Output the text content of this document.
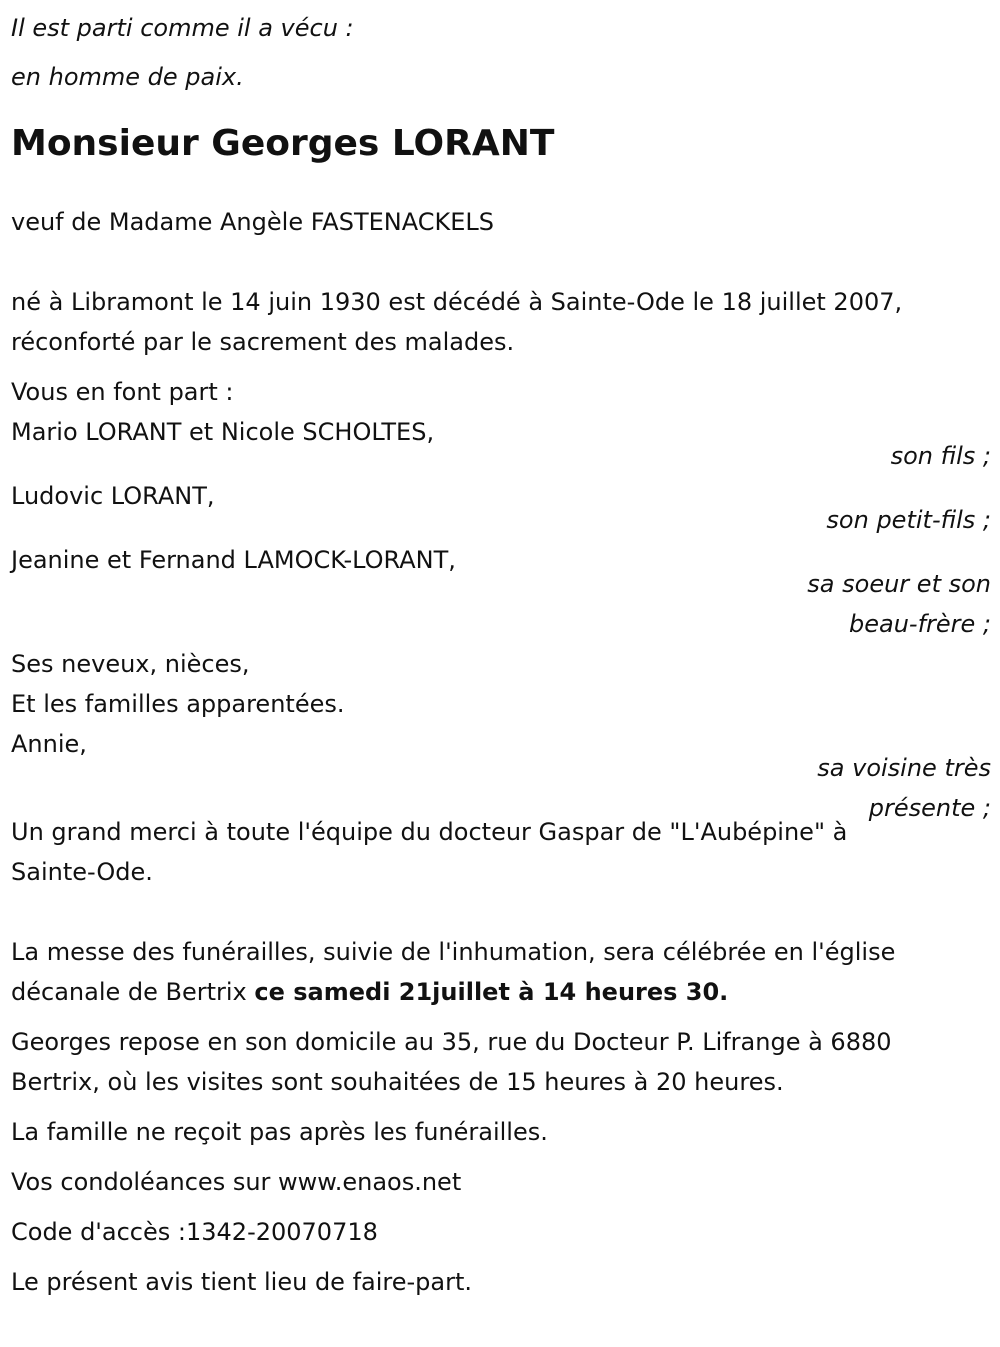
Il est parti comme il a vécu :
en homme de paix.
Monsieur Georges LORANT
veuf de Madame Angèle FASTENACKELS
né à Libramont le 14 juin 1930 est décédé à Sainte-Ode le 18 juillet 2007,
réconforté par le sacrement des malades.
Vous en font part :
Mario LORANT et Nicole SCHOLTES,
son fils ;
Ludovic LORANT,
son petit-fils ;
Jeanine et Fernand LAMOCK-LORANT,
sa soeur et son
beau-frère ;
Ses neveux, nièces,
Et les familles apparentées.
Annie,
sa voisine très
présente ;
Un grand merci à toute l'équipe du docteur Gaspar de "L'Aubépine" à
Sainte-Ode.
La messe des funérailles, suivie de l'inhumation, sera célébrée en l'église
décanale de Bertrix ce samedi 21juillet à 14 heures 30.
Georges repose en son domicile au 35, rue du Docteur P. Lifrange à 6880
Bertrix, où les visites sont souhaitées de 15 heures à 20 heures.
La famille ne reçoit pas après les funérailles.
Vos condoléances sur www.enaos.net
Code d'accès :1342-20070718
Le présent avis tient lieu de faire-part.
